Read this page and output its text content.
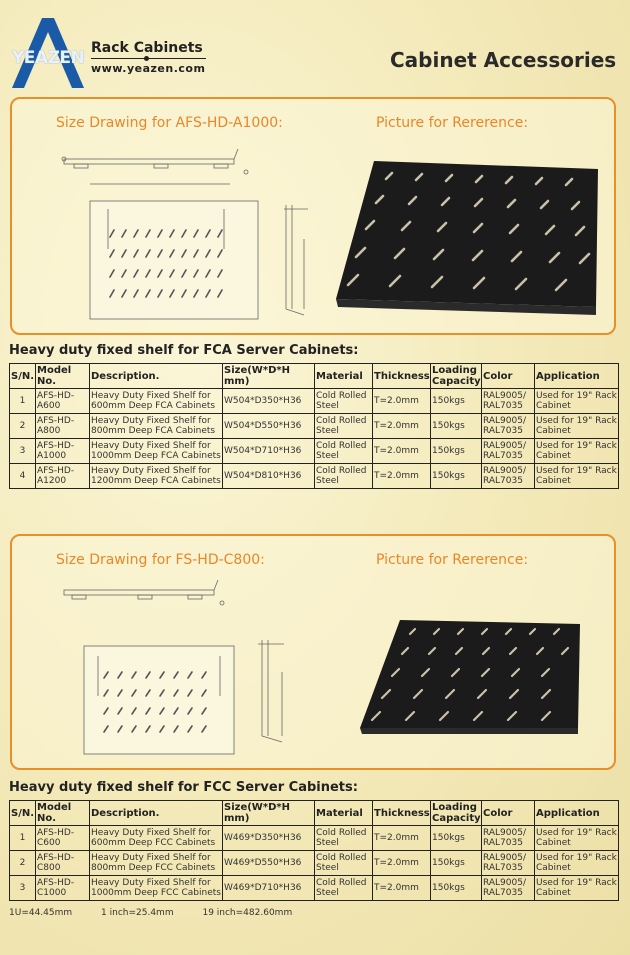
YEAZEN Rack Cabinets
www.yeazen.com	Cabinet Accessories
Size Drawing for AFS-HD-A1000:	Picture for Rererence:
Heavy duty fixed shelf for FCA Server Cabinets:
S/N.	Model No.	Description.	Size(W*D*H mm)	Material	Thickness	Loading Capacity	Color	Application
1	AFS-HD-A600	Heavy Duty Fixed Shelf for 600mm Deep FCA Cabinets	W504*D350*H36	Cold Rolled Steel	T=2.0mm	150kgs	RAL9005/ RAL7035	Used for 19" Rack Cabinet
2	AFS-HD-A800	Heavy Duty Fixed Shelf for 800mm Deep FCA Cabinets	W504*D550*H36	Cold Rolled Steel	T=2.0mm	150kgs	RAL9005/ RAL7035	Used for 19" Rack Cabinet
3	AFS-HD-A1000	Heavy Duty Fixed Shelf for 1000mm Deep FCA Cabinets	W504*D710*H36	Cold Rolled Steel	T=2.0mm	150kgs	RAL9005/ RAL7035	Used for 19" Rack Cabinet
4	AFS-HD-A1200	Heavy Duty Fixed Shelf for 1200mm Deep FCA Cabinets	W504*D810*H36	Cold Rolled Steel	T=2.0mm	150kgs	RAL9005/ RAL7035	Used for 19" Rack Cabinet
Size Drawing for FS-HD-C800:	Picture for Rererence:
Heavy duty fixed shelf for FCC Server Cabinets:
S/N.	Model No.	Description.	Size(W*D*H mm)	Material	Thickness	Loading Capacity	Color	Application
1	AFS-HD-C600	Heavy Duty Fixed Shelf for 600mm Deep FCC Cabinets	W469*D350*H36	Cold Rolled Steel	T=2.0mm	150kgs	RAL9005/ RAL7035	Used for 19" Rack Cabinet
2	AFS-HD-C800	Heavy Duty Fixed Shelf for 800mm Deep FCC Cabinets	W469*D550*H36	Cold Rolled Steel	T=2.0mm	150kgs	RAL9005/ RAL7035	Used for 19" Rack Cabinet
3	AFS-HD-C1000	Heavy Duty Fixed Shelf for 1000mm Deep FCC Cabinets	W469*D710*H36	Cold Rolled Steel	T=2.0mm	150kgs	RAL9005/ RAL7035	Used for 19" Rack Cabinet
1U=44.45mm	1 inch=25.4mm	19 inch=482.60mm
